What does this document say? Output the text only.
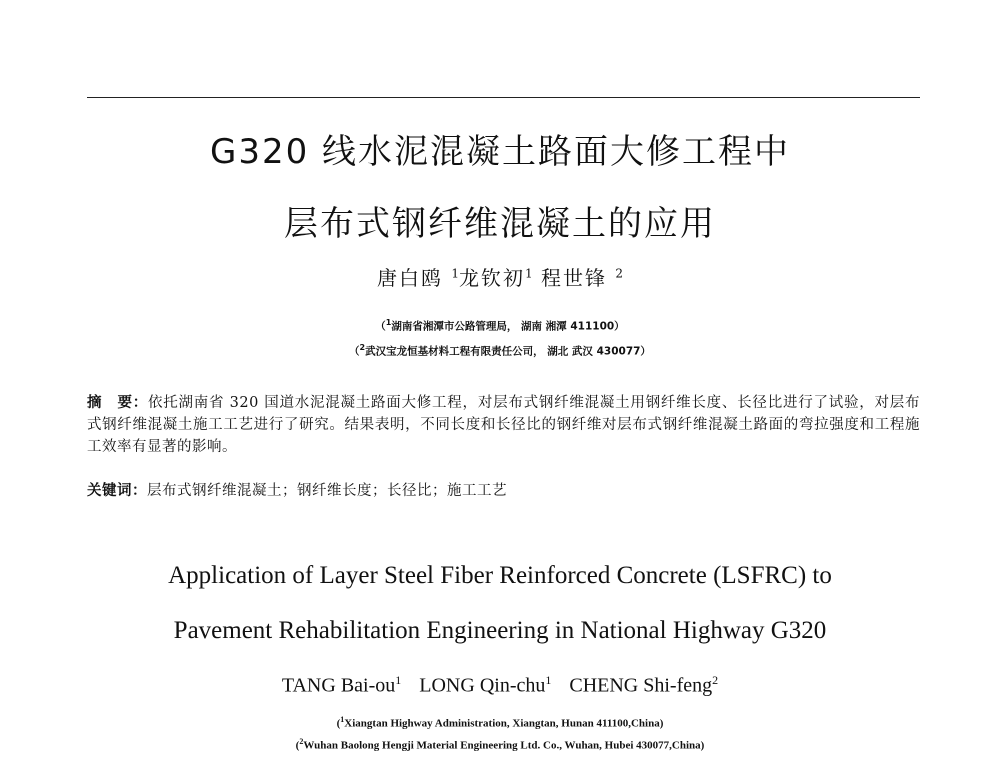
G320 线水泥混凝土路面大修工程中
层布式钢纤维混凝土的应用
唐白鸥 $^1$龙钦初$^1$ 程世锋 $^2$
（$^1$湖南省湘潭市公路管理局， 湖南 湘潭 411100）
（$^2$武汉宝龙恒基材料工程有限责任公司， 湖北 武汉 430077）
摘　要：依托湖南省 320 国道水泥混凝土路面大修工程，对层布式钢纤维混凝土用钢纤维长度、长径比进行了试验，对层布式钢纤维混凝土施工工艺进行了研究。结果表明，不同长度和长径比的钢纤维对层布式钢纤维混凝土路面的弯拉强度和工程施工效率有显著的影响。
关键词：层布式钢纤维混凝土；钢纤维长度；长径比；施工工艺
Application of Layer Steel Fiber Reinforced Concrete (LSFRC) to
Pavement Rehabilitation Engineering in National Highway G320
TANG Bai-$ou^1$ LONG Qin-chu$^1$ CHENG Shi-feng$^2$
($^1$Xiangtan Highway Administration, Xiangtan, Hunan 411100,China)
($^2$Wuhan Baolong Hengji Material Engineering Ltd. Co., Wuhan, Hubei 430077,China)
